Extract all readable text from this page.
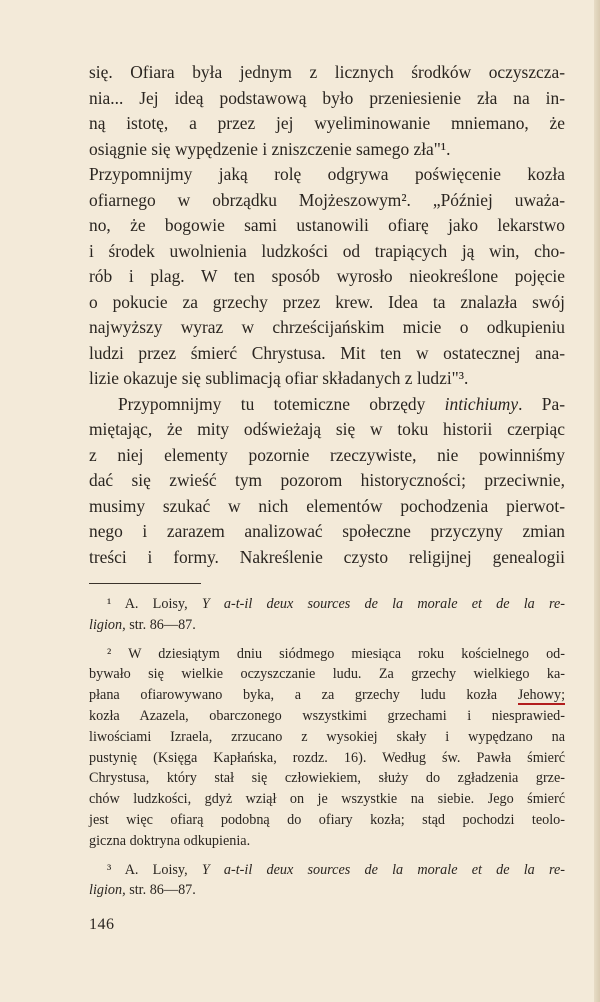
się. Ofiara była jednym z licznych środków oczyszcza-
nia... Jej ideą podstawową było przeniesienie zła na in-
ną istotę, a przez jej wyeliminowanie mniemano, że
osiągnie się wypędzenie i zniszczenie samego zła"¹.
Przypomnijmy jaką rolę odgrywa poświęcenie kozła
ofiarnego w obrządku Mojżeszowym². „Później uważa-
no, że bogowie sami ustanowili ofiarę jako lekarstwo
i środek uwolnienia ludzkości od trapiących ją win, cho-
rób i plag. W ten sposób wyrosło nieokreślone pojęcie
o pokucie za grzechy przez krew. Idea ta znalazła swój
najwyższy wyraz w chrześcijańskim micie o odkupieniu
ludzi przez śmierć Chrystusa. Mit ten w ostatecznej ana-
lizie okazuje się sublimacją ofiar składanych z ludzi"³.
Przypomnijmy tu totemiczne obrzędy intichiumy. Pa-
miętając, że mity odświeżają się w toku historii czerpiąc
z niej elementy pozornie rzeczywiste, nie powinniśmy
dać się zwieść tym pozorom historyczności; przeciwnie,
musimy szukać w nich elementów pochodzenia pierwot-
nego i zarazem analizować społeczne przyczyny zmian
treści i formy. Nakreślenie czysto religijnej genealogii
¹ A. Loisy, Y a-t-il deux sources de la morale et de la re-
ligion, str. 86—87.
² W dziesiątym dniu siódmego miesiąca roku kościelnego od-
bywało się wielkie oczyszczanie ludu. Za grzechy wielkiego ka-
płana ofiarowywano byka, a za grzechy ludu kozła Jehowy;
kozła Azazela, obarczonego wszystkimi grzechami i niesprawied-
liwościami Izraela, zrzucano z wysokiej skały i wypędzano na
pustynię (Księga Kapłańska, rozdz. 16). Według św. Pawła śmierć
Chrystusa, który stał się człowiekiem, służy do zgładzenia grze-
chów ludzkości, gdyż wziął on je wszystkie na siebie. Jego śmierć
jest więc ofiarą podobną do ofiary kozła; stąd pochodzi teolo-
giczna doktryna odkupienia.
³ A. Loisy, Y a-t-il deux sources de la morale et de la re-
ligion, str. 86—87.
146
